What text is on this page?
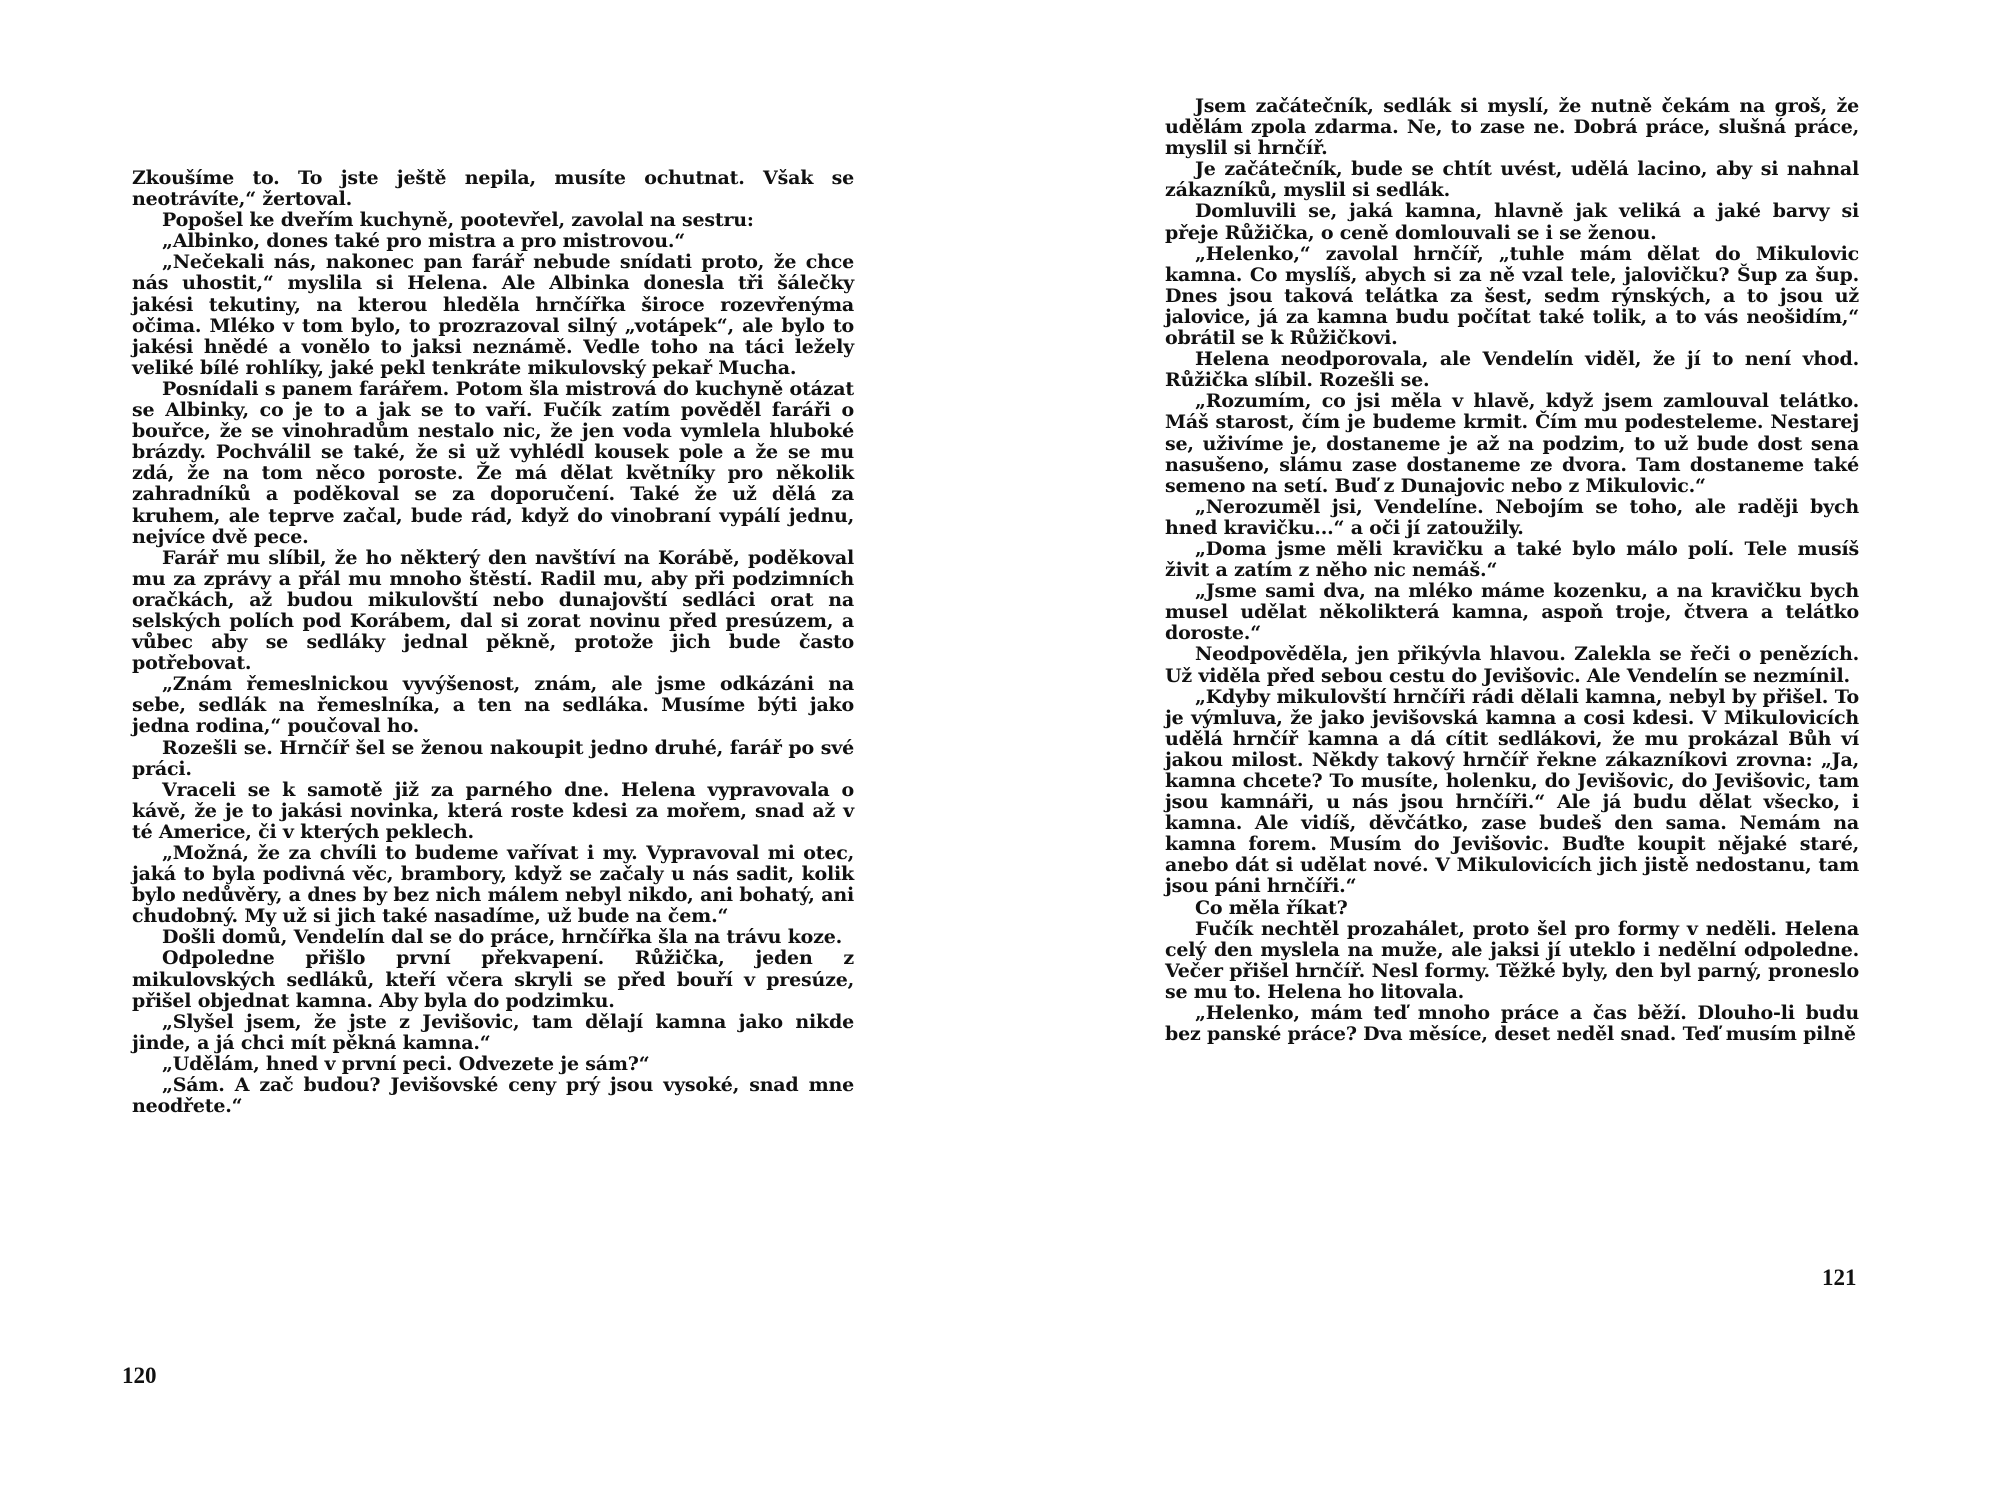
Zkoušíme to. To jste ještě nepila, musíte ochutnat. Však se neotrávíte,“ žertoval.

Popošel ke dveřím kuchyně, pootevřel, zavolal na sestru:

„Albinko, dones také pro mistra a pro mistrovou.“

„Nečekali nás, nakonec pan farář nebude snídati proto, že chce nás uhostit,“ myslila si Helena. Ale Albinka donesla tři šálečky jakési tekutiny, na kterou hleděla hrnčířka široce rozevřenýma očima. Mléko v tom bylo, to prozrazoval silný „votápek“, ale bylo to jakési hnědé a vonělo to jaksi neznámě. Vedle toho na táci ležely veliké bílé rohlíky, jaké pekl tenkráte mikulovský pekař Mucha.

Posnídali s panem farářem. Potom šla mistrová do kuchyně otázat se Albinky, co je to a jak se to vaří. Fučík zatím pověděl faráři o bouřce, že se vinohradům nestalo nic, že jen voda vymlela hluboké brázdy. Pochválil se také, že si už vyhlédl kousek pole a že se mu zdá, že na tom něco poroste. Že má dělat květníky pro několik zahradníků a poděkoval se za doporučení. Také že už dělá za kruhem, ale teprve začal, bude rád, když do vinobraní vypálí jednu, nejvíce dvě pece.

Farář mu slíbil, že ho některý den navštíví na Korábě, poděkoval mu za zprávy a přál mu mnoho štěstí. Radil mu, aby při podzimních oračkách, až budou mikulovští nebo dunajovští sedláci orat na selských polích pod Korábem, dal si zorat novinu před presúzem, a vůbec aby se sedláky jednal pěkně, protože jich bude často potřebovat.

„Znám řemeslnickou vyvýšenost, znám, ale jsme odkázáni na sebe, sedlák na řemeslníka, a ten na sedláka. Musíme býti jako jedna rodina,“ poučoval ho.

Rozešli se. Hrnčíř šel se ženou nakoupit jedno druhé, farář po své práci.

Vraceli se k samotě již za parného dne. Helena vypravovala o kávě, že je to jakási novinka, která roste kdesi za mořem, snad až v té Americe, či v kterých peklech.

„Možná, že za chvíli to budeme vařívat i my. Vypravoval mi otec, jaká to byla podivná věc, brambory, když se začaly u nás sadit, kolik bylo nedůvěry, a dnes by bez nich málem nebyl nikdo, ani bohatý, ani chudobný. My už si jich také nasadíme, už bude na čem.“

Došli domů, Vendelín dal se do práce, hrnčířka šla na trávu koze.

Odpoledne přišlo první překvapení. Růžička, jeden z mikulovských sedláků, kteří včera skryli se před bouří v presúze, přišel objednat kamna. Aby byla do podzimku.

„Slyšel jsem, že jste z Jevišovic, tam dělají kamna jako nikde jinde, a já chci mít pěkná kamna.“

„Udělám, hned v první peci. Odvezete je sám?“

„Sám. A zač budou? Jevišovské ceny prý jsou vysoké, snad mne neodřete.“

120

Jsem začátečník, sedlák si myslí, že nutně čekám na groš, že udělám zpola zdarma. Ne, to zase ne. Dobrá práce, slušná práce, myslil si hrnčíř.

Je začátečník, bude se chtít uvést, udělá lacino, aby si nahnal zákazníků, myslil si sedlák.

Domluvili se, jaká kamna, hlavně jak veliká a jaké barvy si přeje Růžička, o ceně domlouvali se i se ženou.

„Helenko,“ zavolal hrnčíř, „tuhle mám dělat do Mikulovic kamna. Co myslíš, abych si za ně vzal tele, jalovičku? Šup za šup. Dnes jsou taková telátka za šest, sedm rýnských, a to jsou už jalovice, já za kamna budu počítat také tolik, a to vás neošidím,“ obrátil se k Růžičkovi.

Helena neodporovala, ale Vendelín viděl, že jí to není vhod. Růžička slíbil. Rozešli se.

„Rozumím, co jsi měla v hlavě, když jsem zamlouval telátko. Máš starost, čím je budeme krmit. Čím mu podesteleme. Nestarej se, uživíme je, dostaneme je až na podzim, to už bude dost sena nasušeno, slámu zase dostaneme ze dvora. Tam dostaneme také semeno na setí. Buď z Dunajovic nebo z Mikulovic.“

„Nerozuměl jsi, Vendelíne. Nebojím se toho, ale raději bych hned kravičku...“ a oči jí zatoužily.

„Doma jsme měli kravičku a také bylo málo polí. Tele musíš živit a zatím z něho nic nemáš.“

„Jsme sami dva, na mléko máme kozenku, a na kravičku bych musel udělat několikterá kamna, aspoň troje, čtvera a telátko doroste.“

Neodpověděla, jen přikývla hlavou. Zalekla se řeči o penězích. Už viděla před sebou cestu do Jevišovic. Ale Vendelín se nezmínil.

„Kdyby mikulovští hrnčíři rádi dělali kamna, nebyl by přišel. To je výmluva, že jako jevišovská kamna a cosi kdesi. V Mikulovicích udělá hrnčíř kamna a dá cítit sedlákovi, že mu prokázal Bůh ví jakou milost. Někdy takový hrnčíř řekne zákazníkovi zrovna: „Ja, kamna chcete? To musíte, holenku, do Jevišovic, do Jevišovic, tam jsou kamnáři, u nás jsou hrnčíři.“ Ale já budu dělat všecko, i kamna. Ale vidíš, děvčátko, zase budeš den sama. Nemám na kamna forem. Musím do Jevišovic. Buďte koupit nějaké staré, anebo dát si udělat nové. V Mikulovicích jich jistě nedostanu, tam jsou páni hrnčíři.“

Co měla říkat?

Fučík nechtěl prozahálet, proto šel pro formy v neděli. Helena celý den myslela na muže, ale jaksi jí uteklo i nedělní odpoledne. Večer přišel hrnčíř. Nesl formy. Těžké byly, den byl parný, proneslo se mu to. Helena ho litovala.

„Helenko, mám teď mnoho práce a čas běží. Dlouho-li budu bez panské práce? Dva měsíce, deset neděl snad. Teď musím pilně

121
